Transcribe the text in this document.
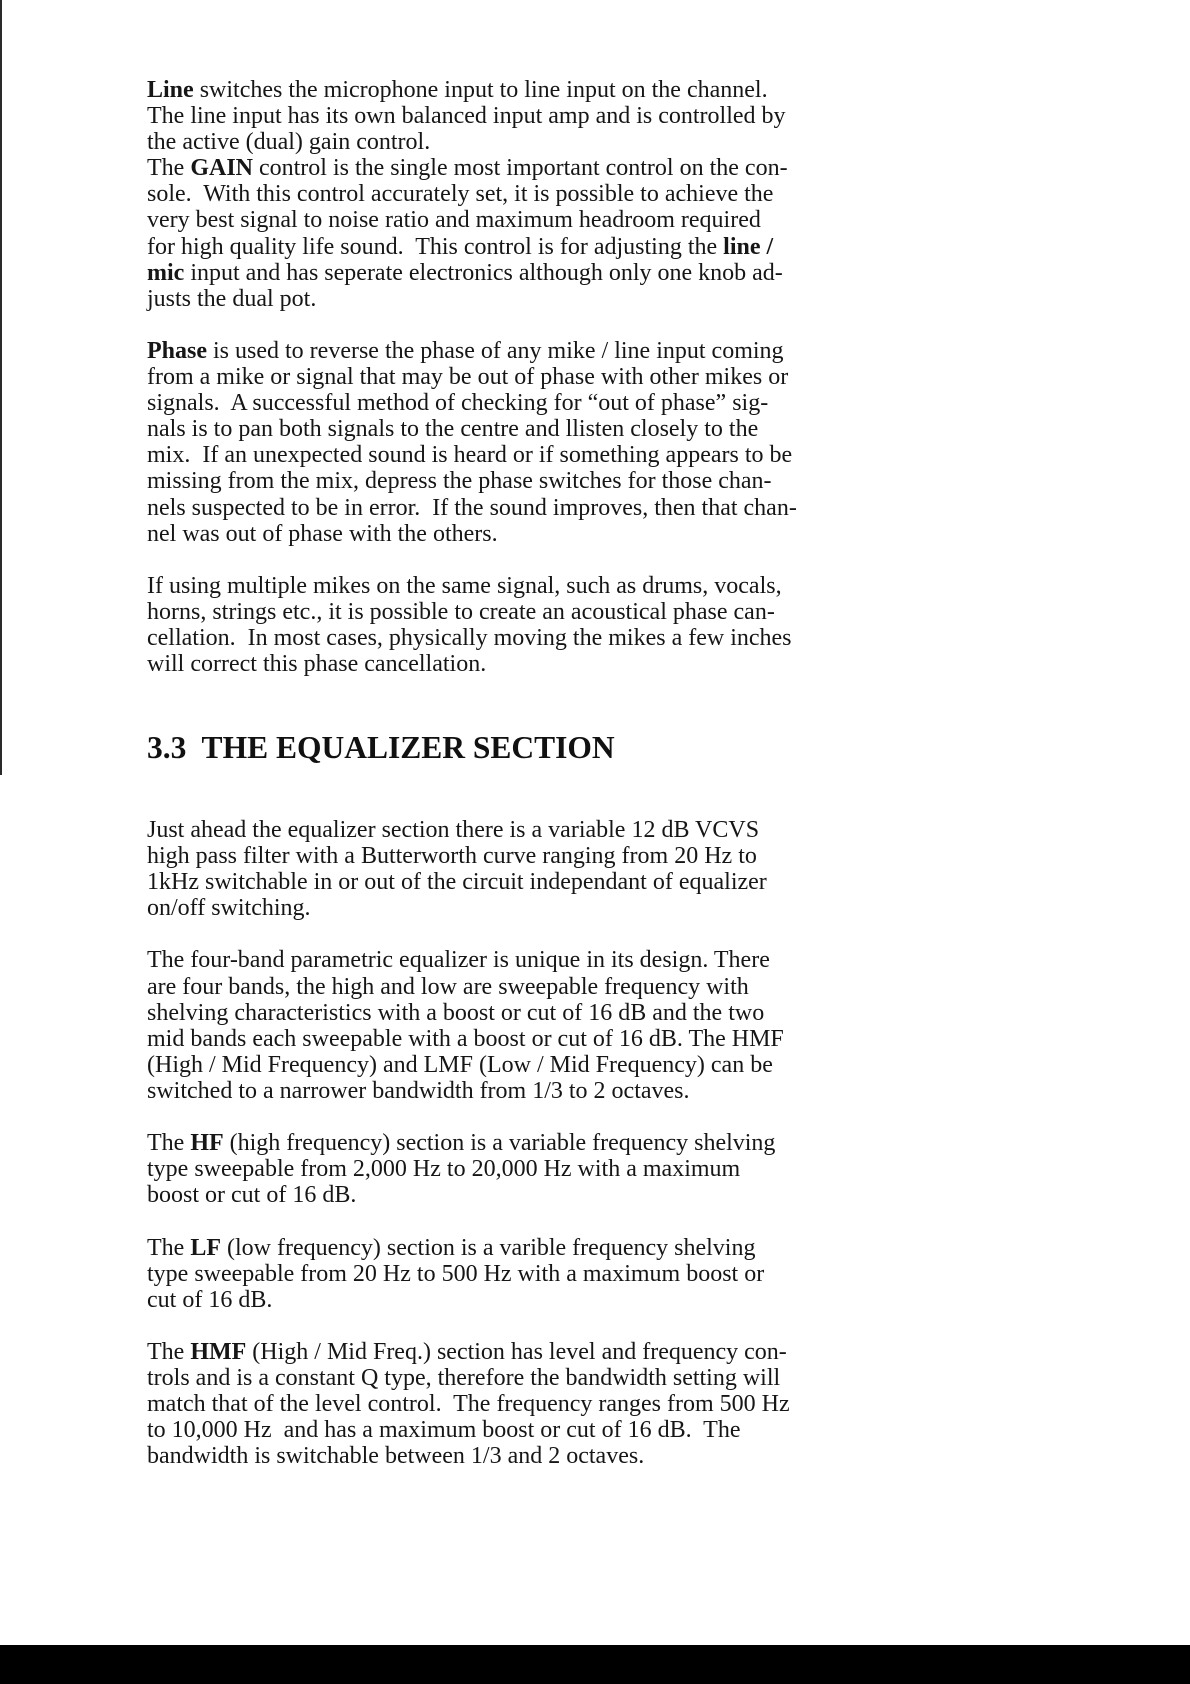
Line switches the microphone input to line input on the channel.
The line input has its own balanced input amp and is controlled by
the active (dual) gain control.
The GAIN control is the single most important control on the con-
sole.  With this control accurately set, it is possible to achieve the
very best signal to noise ratio and maximum headroom required
for high quality life sound.  This control is for adjusting the line /
mic input and has seperate electronics although only one knob ad-
justs the dual pot.
Phase is used to reverse the phase of any mike / line input coming
from a mike or signal that may be out of phase with other mikes or
signals.  A successful method of checking for “out of phase” sig-
nals is to pan both signals to the centre and llisten closely to the
mix.  If an unexpected sound is heard or if something appears to be
missing from the mix, depress the phase switches for those chan-
nels suspected to be in error.  If the sound improves, then that chan-
nel was out of phase with the others.
If using multiple mikes on the same signal, such as drums, vocals,
horns, strings etc., it is possible to create an acoustical phase can-
cellation.  In most cases, physically moving the mikes a few inches
will correct this phase cancellation.
3.3  THE EQUALIZER SECTION
Just ahead the equalizer section there is a variable 12 dB VCVS
high pass filter with a Butterworth curve ranging from 20 Hz to
1kHz switchable in or out of the circuit independant of equalizer
on/off switching.
The four-band parametric equalizer is unique in its design. There
are four bands, the high and low are sweepable frequency with
shelving characteristics with a boost or cut of 16 dB and the two
mid bands each sweepable with a boost or cut of 16 dB. The HMF
(High / Mid Frequency) and LMF (Low / Mid Frequency) can be
switched to a narrower bandwidth from 1/3 to 2 octaves.
The HF (high frequency) section is a variable frequency shelving
type sweepable from 2,000 Hz to 20,000 Hz with a maximum
boost or cut of 16 dB.
The LF (low frequency) section is a varible frequency shelving
type sweepable from 20 Hz to 500 Hz with a maximum boost or
cut of 16 dB.
The HMF (High / Mid Freq.) section has level and frequency con-
trols and is a constant Q type, therefore the bandwidth setting will
match that of the level control.  The frequency ranges from 500 Hz
to 10,000 Hz  and has a maximum boost or cut of 16 dB.  The
bandwidth is switchable between 1/3 and 2 octaves.
